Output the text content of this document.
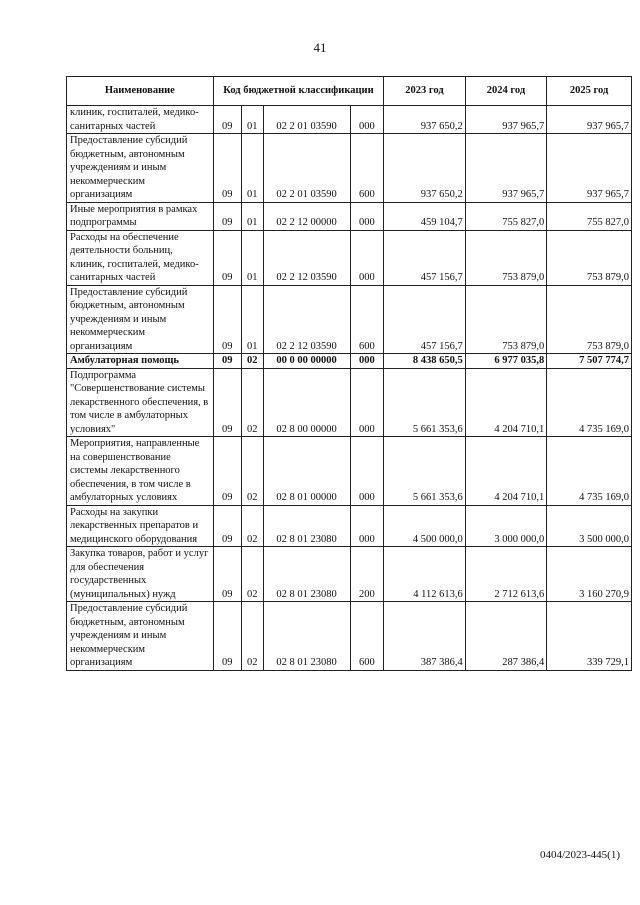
41
Наименование	Код бюджетной классификации				2023 год	2024 год	2025 год
клиник, госпиталей, медико-санитарных частей	09	01	02 2 01 03590	000	937 650,2	937 965,7	937 965,7
Предоставление субсидий бюджетным, автономным учреждениям и иным некоммерческим организациям	09	01	02 2 01 03590	600	937 650,2	937 965,7	937 965,7
Иные мероприятия в рамках подпрограммы	09	01	02 2 12 00000	000	459 104,7	755 827,0	755 827,0
Расходы на обеспечение деятельности больниц, клиник, госпиталей, медико-санитарных частей	09	01	02 2 12 03590	000	457 156,7	753 879,0	753 879,0
Предоставление субсидий бюджетным, автономным учреждениям и иным некоммерческим организациям	09	01	02 2 12 03590	600	457 156,7	753 879,0	753 879,0
Амбулаторная помощь	09	02	00 0 00 00000	000	8 438 650,5	6 977 035,8	7 507 774,7
Подпрограмма "Совершенствование системы лекарственного обеспечения, в том числе в амбулаторных условиях"	09	02	02 8 00 00000	000	5 661 353,6	4 204 710,1	4 735 169,0
Мероприятия, направленные на совершенствование системы лекарственного обеспечения, в том числе в амбулаторных условиях	09	02	02 8 01 00000	000	5 661 353,6	4 204 710,1	4 735 169,0
Расходы на закупки лекарственных препаратов и медицинского оборудования	09	02	02 8 01 23080	000	4 500 000,0	3 000 000,0	3 500 000,0
Закупка товаров, работ и услуг для обеспечения государственных (муниципальных) нужд	09	02	02 8 01 23080	200	4 112 613,6	2 712 613,6	3 160 270,9
Предоставление субсидий бюджетным, автономным учреждениям и иным некоммерческим организациям	09	02	02 8 01 23080	600	387 386,4	287 386,4	339 729,1
0404/2023-445(1)
